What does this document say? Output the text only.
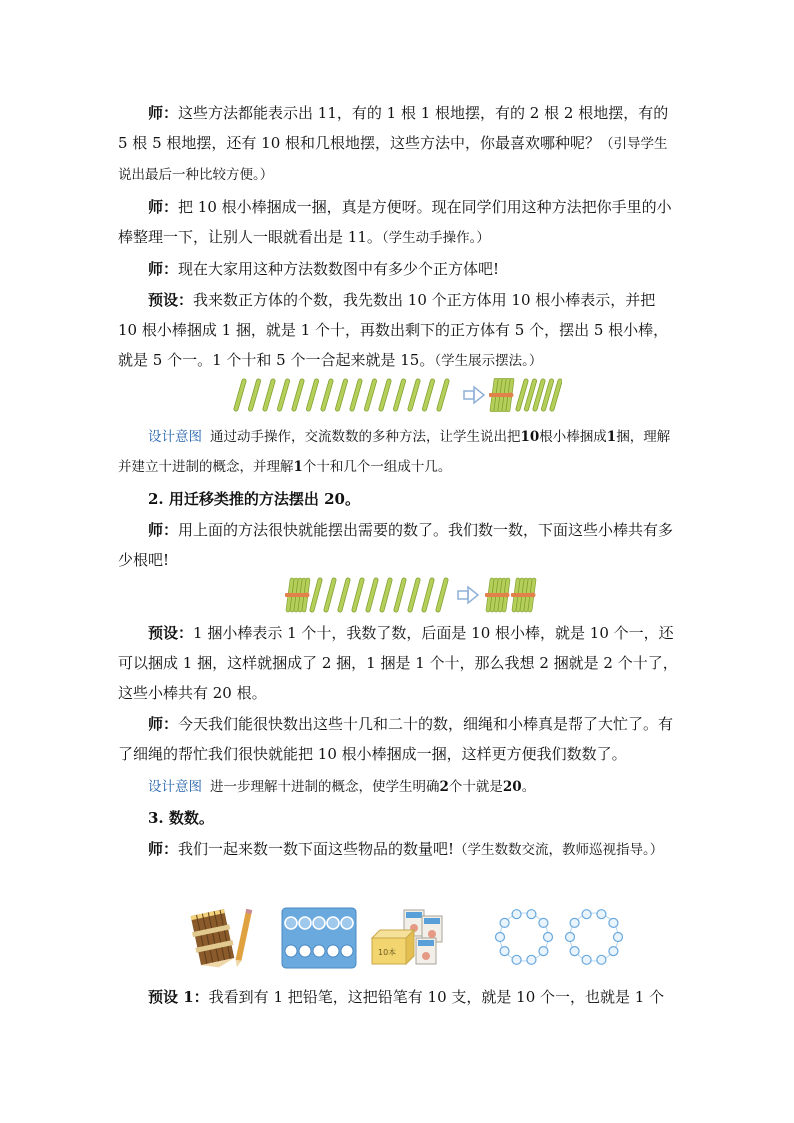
师：这些方法都能表示出 11，有的 1 根 1 根地摆，有的 2 根 2 根地摆，有的 5 根 5 根地摆，还有 10 根和几根地摆，这些方法中，你最喜欢哪种呢？（引导学生说出最后一种比较方便。）

师：把 10 根小棒捆成一捆，真是方便呀。现在同学们用这种方法把你手里的小棒整理一下，让别人一眼就看出是 11。（学生动手操作。）

师：现在大家用这种方法数数图中有多少个正方体吧!

预设：我来数正方体的个数，我先数出 10 个正方体用 10 根小棒表示，并把 10 根小棒捆成 1 捆，就是 1 个十，再数出剩下的正方体有 5 个，摆出 5 根小棒，就是 5 个一。1 个十和 5 个一合起来就是 15。（学生展示摆法。）

设计意图 通过动手操作，交流数数的多种方法，让学生说出把10根小棒捆成1捆，理解并建立十进制的概念，并理解1个十和几个一组成十几。

2. 用迁移类推的方法摆出 20。

师：用上面的方法很快就能摆出需要的数了。我们数一数，下面这些小棒共有多少根吧!

预设：1 捆小棒表示 1 个十，我数了数，后面是 10 根小棒，就是 10 个一，还可以捆成 1 捆，这样就捆成了 2 捆，1 捆是 1 个十，那么我想 2 捆就是 2 个十了，这些小棒共有 20 根。

师：今天我们能很快数出这些十几和二十的数，细绳和小棒真是帮了大忙了。有了细绳的帮忙我们很快就能把 10 根小棒捆成一捆，这样更方便我们数数了。

设计意图 进一步理解十进制的概念，使学生明确2个十就是20。

3. 数数。

师：我们一起来数一数下面这些物品的数量吧!（学生数数交流，教师巡视指导。）

10本

预设 1：我看到有 1 把铅笔，这把铅笔有 10 支，就是 10 个一，也就是 1 个
